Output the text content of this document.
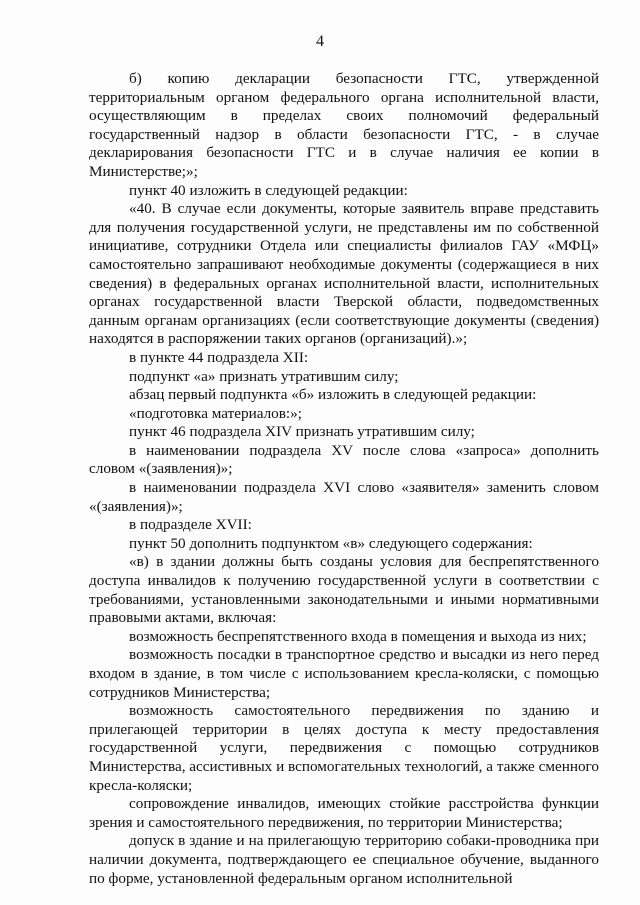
4

б) копию декларации безопасности ГТС, утвержденной территориальным органом федерального органа исполнительной власти, осуществляющим в пределах своих полномочий федеральный государственный надзор в области безопасности ГТС, - в случае декларирования безопасности ГТС и в случае наличия ее копии в Министерстве;»;

пункт 40 изложить в следующей редакции:

«40. В случае если документы, которые заявитель вправе представить для получения государственной услуги, не представлены им по собственной инициативе, сотрудники Отдела или специалисты филиалов ГАУ «МФЦ» самостоятельно запрашивают необходимые документы (содержащиеся в них сведения) в федеральных органах исполнительной власти, исполнительных органах государственной власти Тверской области, подведомственных данным органам организациях (если соответствующие документы (сведения) находятся в распоряжении таких органов (организаций).»;

в пункте 44 подраздела XII:

подпункт «а» признать утратившим силу;

абзац первый подпункта «б» изложить в следующей редакции:

«подготовка материалов:»;

пункт 46 подраздела XIV признать утратившим силу;

в наименовании подраздела XV после слова «запроса» дополнить словом «(заявления)»;

в наименовании подраздела XVI слово «заявителя» заменить словом «(заявления)»;

в подразделе XVII:

пункт 50 дополнить подпунктом «в» следующего содержания:

«в) в здании должны быть созданы условия для беспрепятственного доступа инвалидов к получению государственной услуги в соответствии с требованиями, установленными законодательными и иными нормативными правовыми актами, включая:

возможность беспрепятственного входа в помещения и выхода из них;

возможность посадки в транспортное средство и высадки из него перед входом в здание, в том числе с использованием кресла-коляски, с помощью сотрудников Министерства;

возможность самостоятельного передвижения по зданию и прилегающей территории в целях доступа к месту предоставления государственной услуги, передвижения с помощью сотрудников Министерства, ассистивных и вспомогательных технологий, а также сменного кресла-коляски;

сопровождение инвалидов, имеющих стойкие расстройства функции зрения и самостоятельного передвижения, по территории Министерства;

допуск в здание и на прилегающую территорию собаки-проводника при наличии документа, подтверждающего ее специальное обучение, выданного по форме, установленной федеральным органом исполнительной
